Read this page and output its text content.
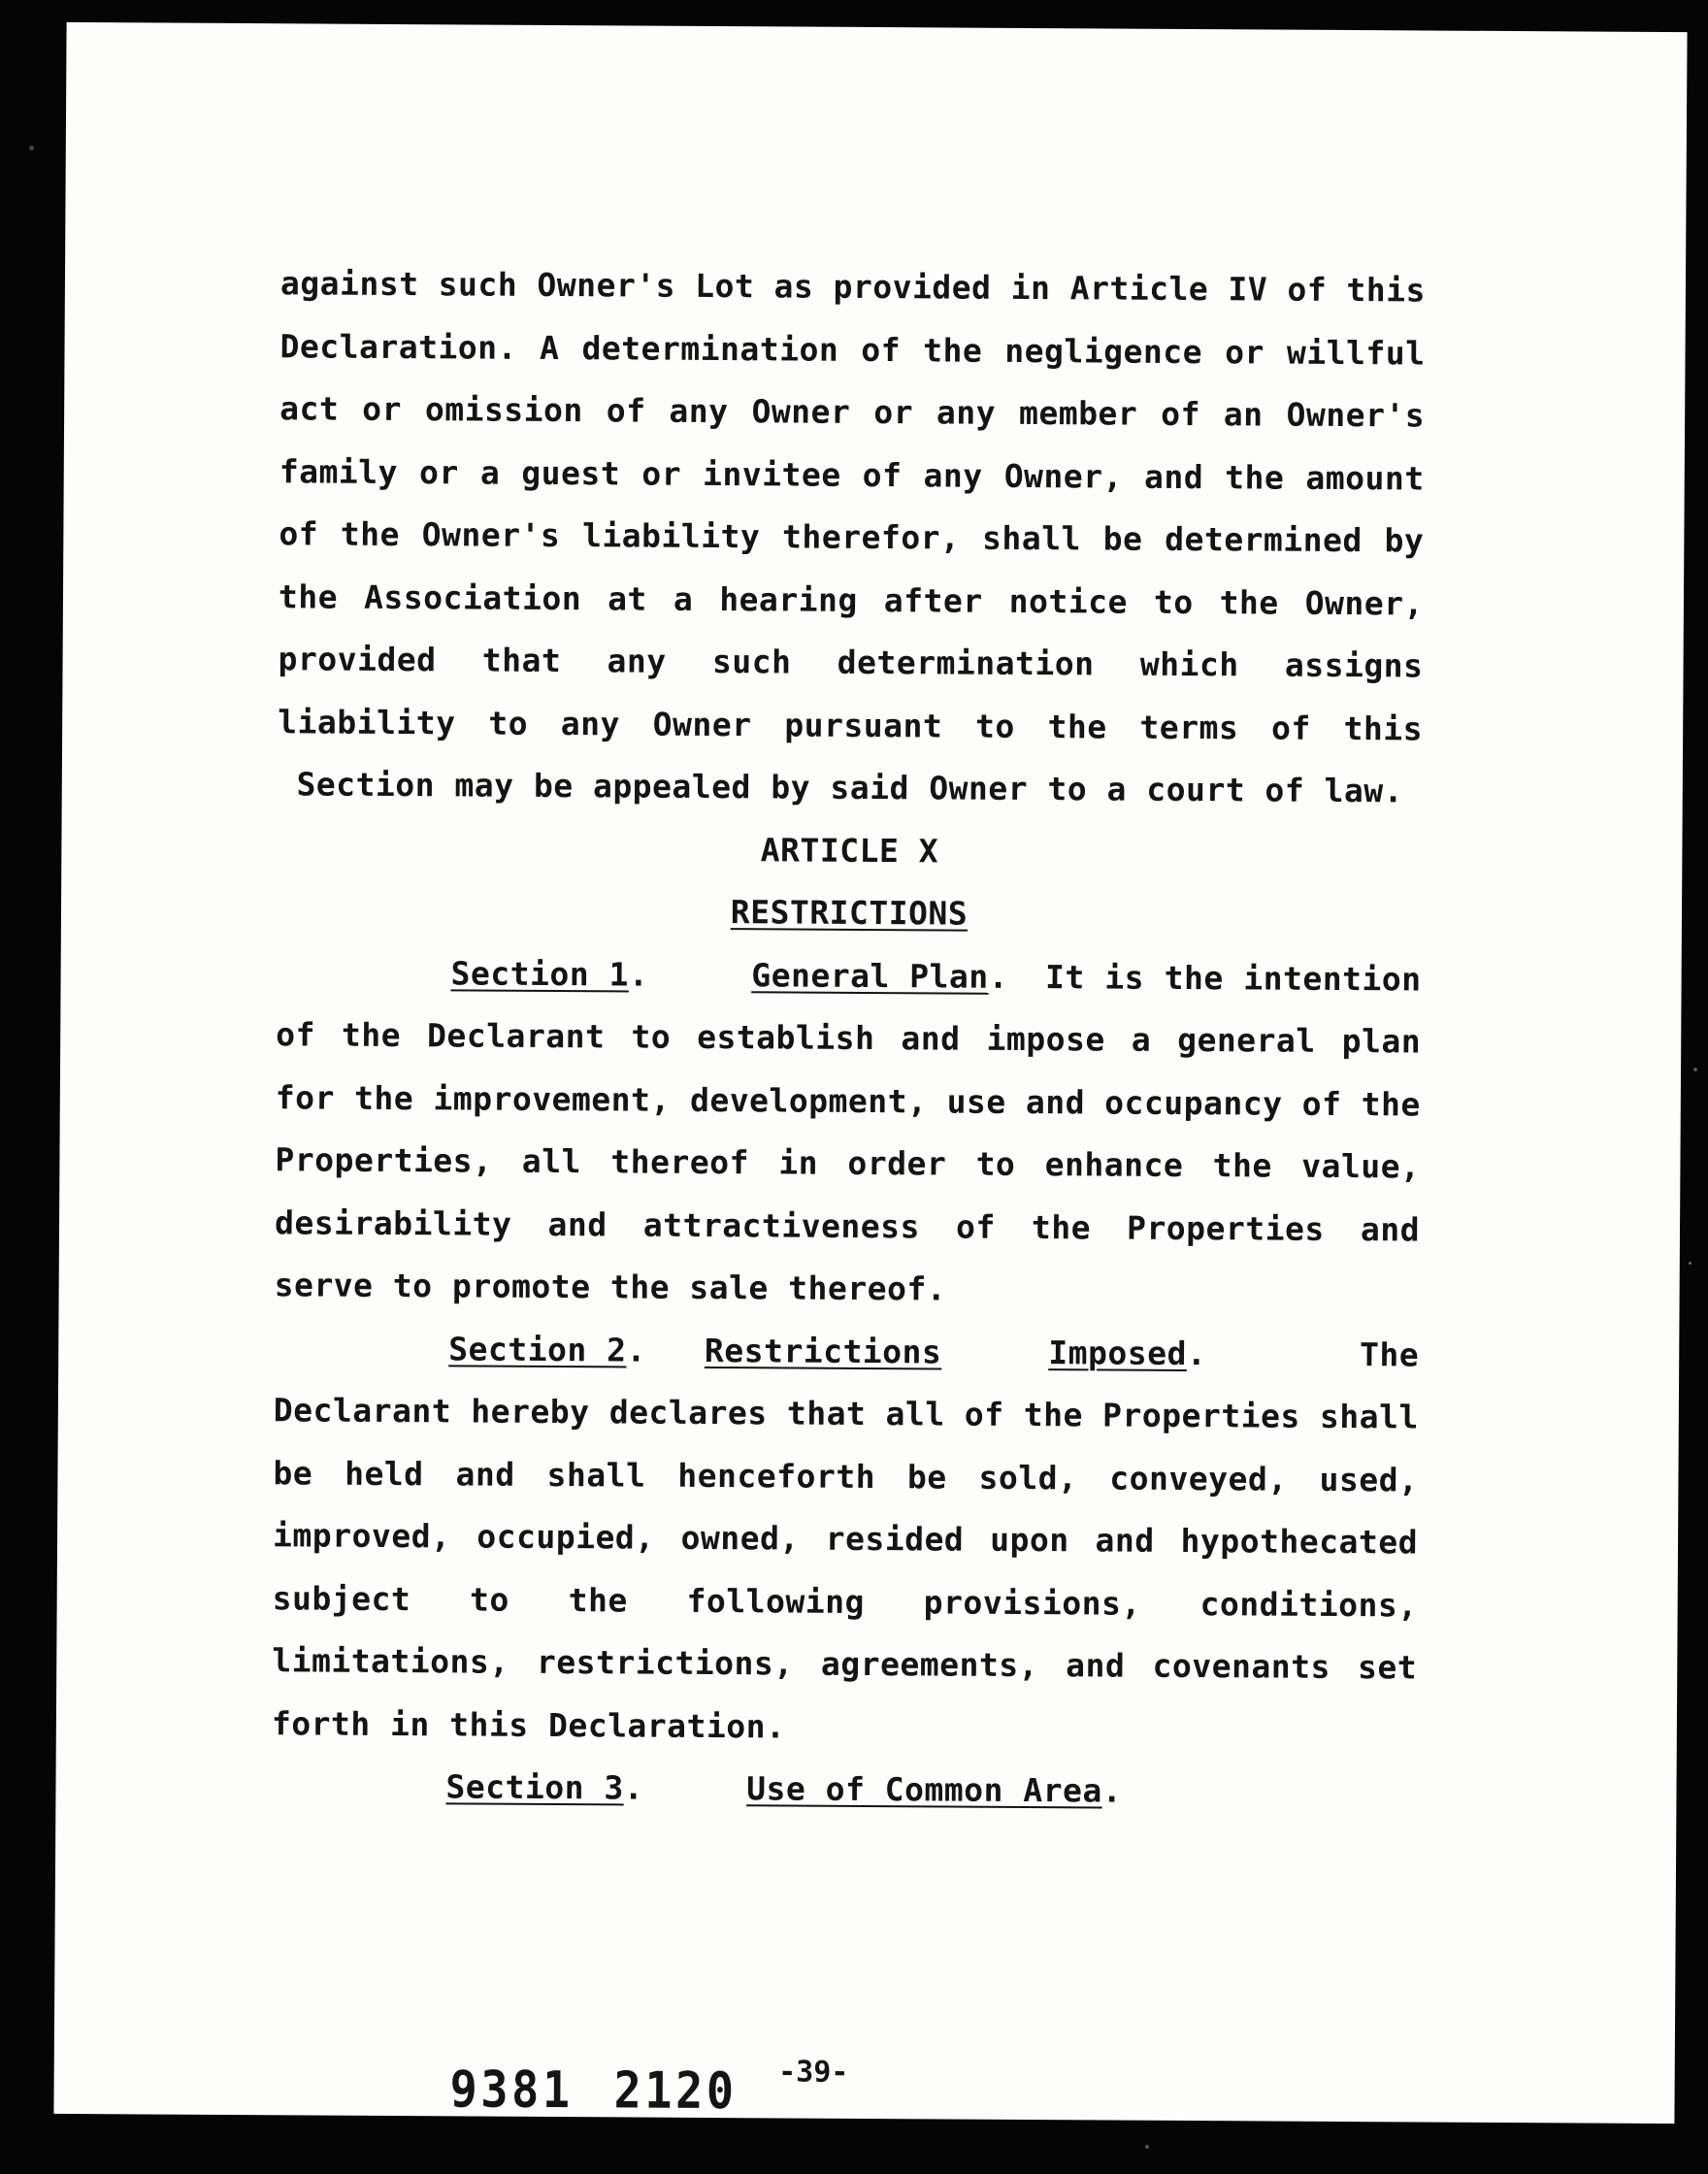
against such Owner's Lot as provided in Article IV of this

Declaration. A determination of the negligence or willful

act or omission of any Owner or any member of an Owner's

family or a guest or invitee of any Owner, and the amount

of the Owner's liability therefor, shall be determined by

the Association at a hearing after notice to the Owner,

provided that any such determination which assigns

liability to any Owner pursuant to the terms of this

Section may be appealed by said Owner to a court of law.

ARTICLE X

RESTRICTIONS

Section 1 .	General Plan . It is the intention

of the Declarant to establish and impose a general plan

for the improvement, development, use and occupancy of the

Properties, all thereof in order to enhance the value,

desirability and attractiveness of the Properties and

serve to promote the sale thereof.

Section 2 . Restrictions	Imposed .	The

Declarant hereby declares that all of the Properties shall

be held and shall henceforth be sold, conveyed, used,

improved, occupied, owned, resided upon and hypothecated

subject to the following provisions, conditions,

limitations, restrictions, agreements, and covenants set

forth in this Declaration.

Section 3 .	Use of Common Area .
9381 2120 -39-
